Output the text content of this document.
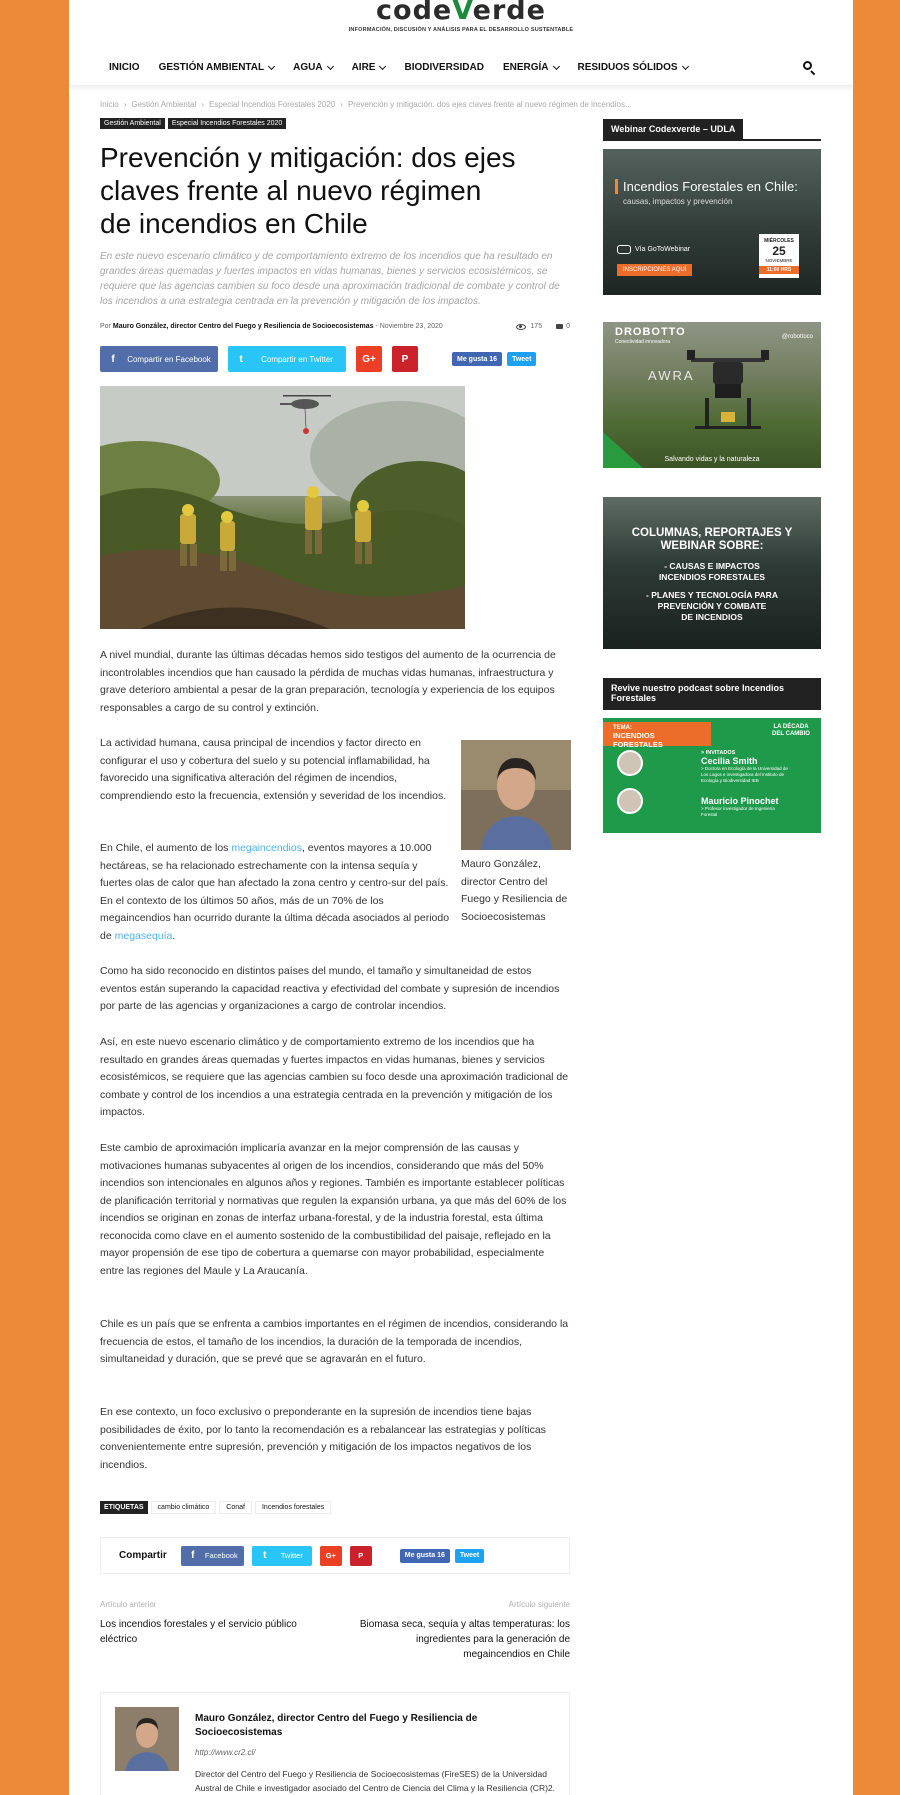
codeVerde
INFORMACIÓN, DISCUSIÓN Y ANÁLISIS PARA EL DESARROLLO SUSTENTABLE
INICIO GESTIÓN AMBIENTAL	AGUA	AIRE	BIODIVERSIDAD ENERGÍA	RESIDUOS SÓLIDOS
Inicio › Gestión Ambiental › Especial Incendios Forestales 2020 › Prevención y mitigación: dos ejes claves frente al nuevo régimen de incendios...
Gestión Ambiental	Especial Incendios Forestales 2020
Prevención y mitigación: dos ejes claves frente al nuevo régimen de incendios en Chile

En este nuevo escenario climático y de comportamiento extremo de los incendios que ha resultado en grandes áreas quemadas y fuertes impactos en vidas humanas, bienes y servicios ecosistémicos, se requiere que las agencias cambien su foco desde una aproximación tradicional de combate y control de los incendios a una estrategia centrada en la prevención y mitigación de los impactos.

Por Mauro González, director Centro del Fuego y Resiliencia de Socioecosistemas - Noviembre 23, 2020	175	0
f	Compartir en Facebook	t	Compartir en Twitter	G+	P	Me gusta 16	Tweet

A nivel mundial, durante las últimas décadas hemos sido testigos del aumento de la ocurrencia de incontrolables incendios que han causado la pérdida de muchas vidas humanas, infraestructura y grave deterioro ambiental a pesar de la gran preparación, tecnología y experiencia de los equipos responsables a cargo de su control y extinción.

La actividad humana, causa principal de incendios y factor directo en configurar el uso y cobertura del suelo y su potencial inflamabilidad, ha favorecido una significativa alteración del régimen de incendios, comprendiendo esto la frecuencia, extensión y severidad de los incendios.

En Chile, el aumento de los megaincendios, eventos mayores a 10.000 hectáreas, se ha relacionado estrechamente con la intensa sequía y fuertes olas de calor que han afectado la zona centro y centro-sur del país. En el contexto de los últimos 50 años, más de un 70% de los megaincendios han ocurrido durante la última década asociados al periodo de megasequía.

Mauro González, director Centro del Fuego y Resiliencia de Socioecosistemas

Como ha sido reconocido en distintos países del mundo, el tamaño y simultaneidad de estos eventos están superando la capacidad reactiva y efectividad del combate y supresión de incendios por parte de las agencias y organizaciones a cargo de controlar incendios.

Así, en este nuevo escenario climático y de comportamiento extremo de los incendios que ha resultado en grandes áreas quemadas y fuertes impactos en vidas humanas, bienes y servicios ecosistémicos, se requiere que las agencias cambien su foco desde una aproximación tradicional de combate y control de los incendios a una estrategia centrada en la prevención y mitigación de los impactos.

Este cambio de aproximación implicaría avanzar en la mejor comprensión de las causas y motivaciones humanas subyacentes al origen de los incendios, considerando que más del 50% incendios son intencionales en algunos años y regiones. También es importante establecer políticas de planificación territorial y normativas que regulen la expansión urbana, ya que más del 60% de los incendios se originan en zonas de interfaz urbana-forestal, y de la industria forestal, esta última reconocida como clave en el aumento sostenido de la combustibilidad del paisaje, reflejado en la mayor propensión de ese tipo de cobertura a quemarse con mayor probabilidad, especialmente entre las regiones del Maule y La Araucanía.

Chile es un país que se enfrenta a cambios importantes en el régimen de incendios, considerando la frecuencia de estos, el tamaño de los incendios, la duración de la temporada de incendios, simultaneidad y duración, que se prevé que se agravarán en el futuro.

En ese contexto, un foco exclusivo o preponderante en la supresión de incendios tiene bajas posibilidades de éxito, por lo tanto la recomendación es a rebalancear las estrategias y políticas convenientemente entre supresión, prevención y mitigación de los impactos negativos de los incendios.

ETIQUETAS	cambio climático	Conaf	Incendios forestales
Compartir	f	Facebook	t	Twitter	G+	P	Me gusta 16	Tweet
Artículo anterior
Los incendios forestales y el servicio público eléctrico
Artículo siguiente
Biomasa seca, sequía y altas temperaturas: los ingredientes para la generación de megaincendios en Chile
Mauro González, director Centro del Fuego y Resiliencia de Socioecosistemas
http://www.cr2.cl/
Director del Centro del Fuego y Resiliencia de Socioecosistemas (FireSES) de la Universidad Austral de Chile e investigador asociado del Centro de Ciencia del Clima y la Resiliencia (CR)2.
Webinar Codexverde – UDLA
Incendios Forestales en Chile:
causas, impactos y prevención
Vía GoToWebinar
INSCRIPCIONES AQUÍ
MIÉRCOLES
25
NOVIEMBRE
11:00 HRS
DROBOTTO
Conectividad innovadora
@robottoco
AWRA
Salvando vidas y la naturaleza
COLUMNAS, REPORTAJES Y
WEBINAR SOBRE:
- CAUSAS E IMPACTOS
INCENDIOS FORESTALES
- PLANES Y TECNOLOGÍA PARA
PREVENCIÓN Y COMBATE
DE INCENDIOS
Revive nuestro podcast sobre Incendios Forestales
TEMA:
INCENDIOS FORESTALES
> INVITADOS
Cecilia Smith
> Doctora en Ecología de la Universidad de Los Lagos e investigadora del Instituto de Ecología y Biodiversidad IEB
Mauricio Pinochet
> Profesor investigador de Ingeniería Forestal
LA DÉCADA DEL CAMBIO
